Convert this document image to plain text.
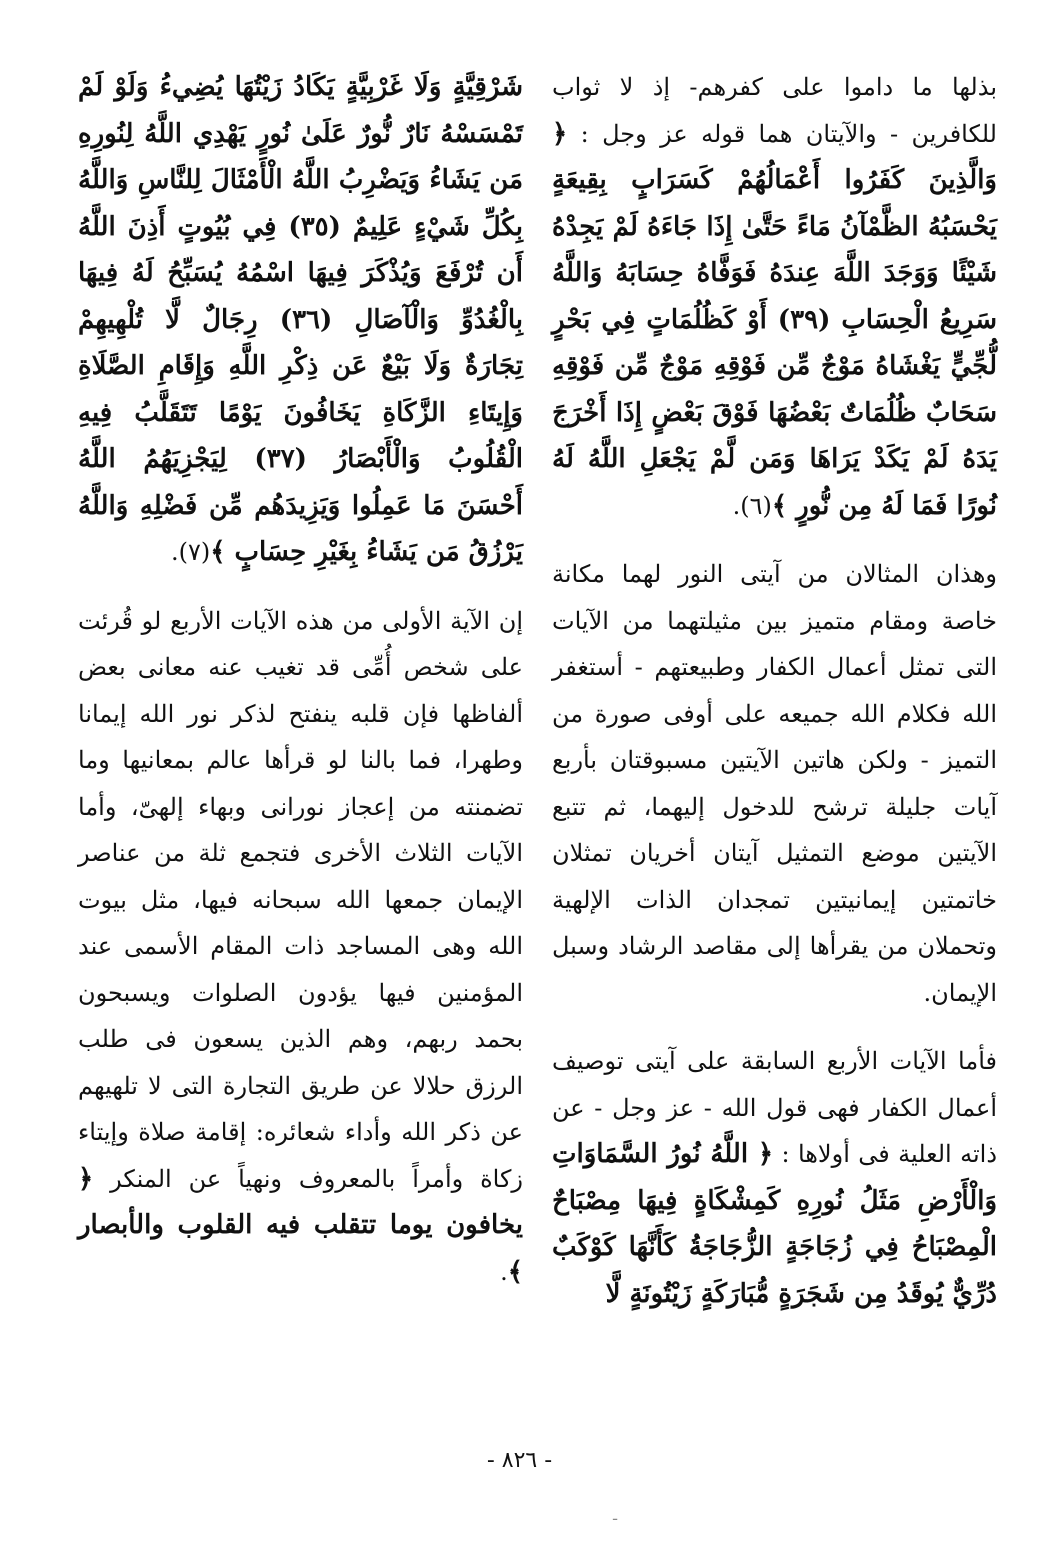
بذلها ما داموا على كفرهم- إذ لا ثواب للكافرين - والآيتان هما قوله عز وجل : ﴿ وَالَّذِينَ كَفَرُوا أَعْمَالُهُمْ كَسَرَابٍ بِقِيعَةٍ يَحْسَبُهُ الظَّمْآنُ مَاءً حَتَّىٰ إِذَا جَاءَهُ لَمْ يَجِدْهُ شَيْئًا وَوَجَدَ اللَّهَ عِندَهُ فَوَفَّاهُ حِسَابَهُ وَاللَّهُ سَرِيعُ الْحِسَابِ (٣٩) أَوْ كَظُلُمَاتٍ فِي بَحْرٍ لُّجِّيٍّ يَغْشَاهُ مَوْجٌ مِّن فَوْقِهِ مَوْجٌ مِّن فَوْقِهِ سَحَابٌ ظُلُمَاتٌ بَعْضُهَا فَوْقَ بَعْضٍ إِذَا أَخْرَجَ يَدَهُ لَمْ يَكَدْ يَرَاهَا وَمَن لَّمْ يَجْعَلِ اللَّهُ لَهُ نُورًا فَمَا لَهُ مِن نُّورٍ ﴾(٦).

وهذان المثالان من آيتى النور لهما مكانة خاصة ومقام متميز بين مثيلتهما من الآيات التى تمثل أعمال الكفار وطبيعتهم - أستغفر الله فكلام الله جميعه على أوفى صورة من التميز - ولكن هاتين الآيتين مسبوقتان بأربع آيات جليلة ترشح للدخول إليهما، ثم تتبع الآيتين موضع التمثيل آيتان أخريان تمثلان خاتمتين إيمانيتين تمجدان الذات الإلهية وتحملان من يقرأها إلى مقاصد الرشاد وسبل الإيمان.

فأما الآيات الأربع السابقة على آيتى توصيف أعمال الكفار فهى قول الله - عز وجل - عن ذاته العلية فى أولاها : ﴿ اللَّهُ نُورُ السَّمَاوَاتِ وَالْأَرْضِ مَثَلُ نُورِهِ كَمِشْكَاةٍ فِيهَا مِصْبَاحٌ الْمِصْبَاحُ فِي زُجَاجَةٍ الزُّجَاجَةُ كَأَنَّهَا كَوْكَبٌ دُرِّيٌّ يُوقَدُ مِن شَجَرَةٍ مُّبَارَكَةٍ زَيْتُونَةٍ لَّا

شَرْقِيَّةٍ وَلَا غَرْبِيَّةٍ يَكَادُ زَيْتُهَا يُضِيءُ وَلَوْ لَمْ تَمْسَسْهُ نَارٌ نُّورٌ عَلَىٰ نُورٍ يَهْدِي اللَّهُ لِنُورِهِ مَن يَشَاءُ وَيَضْرِبُ اللَّهُ الْأَمْثَالَ لِلنَّاسِ وَاللَّهُ بِكُلِّ شَيْءٍ عَلِيمٌ (٣٥) فِي بُيُوتٍ أَذِنَ اللَّهُ أَن تُرْفَعَ وَيُذْكَرَ فِيهَا اسْمُهُ يُسَبِّحُ لَهُ فِيهَا بِالْغُدُوِّ وَالْآصَالِ (٣٦) رِجَالٌ لَّا تُلْهِيهِمْ تِجَارَةٌ وَلَا بَيْعٌ عَن ذِكْرِ اللَّهِ وَإِقَامِ الصَّلَاةِ وَإِيتَاءِ الزَّكَاةِ يَخَافُونَ يَوْمًا تَتَقَلَّبُ فِيهِ الْقُلُوبُ وَالْأَبْصَارُ (٣٧) لِيَجْزِيَهُمُ اللَّهُ أَحْسَنَ مَا عَمِلُوا وَيَزِيدَهُم مِّن فَضْلِهِ وَاللَّهُ يَرْزُقُ مَن يَشَاءُ بِغَيْرِ حِسَابٍ ﴾(٧).

إن الآية الأولى من هذه الآيات الأربع لو قُرئت على شخص أُمِّى قد تغيب عنه معانى بعض ألفاظها فإن قلبه ينفتح لذكر نور الله إيمانا وطهرا، فما بالنا لو قرأها عالم بمعانيها وما تضمنته من إعجاز نورانى وبهاء إلهىّ، وأما الآيات الثلاث الأخرى فتجمع ثلة من عناصر الإيمان جمعها الله سبحانه فيها، مثل بيوت الله وهى المساجد ذات المقام الأسمى عند المؤمنين فيها يؤدون الصلوات ويسبحون بحمد ربهم، وهم الذين يسعون فى طلب الرزق حلالا عن طريق التجارة التى لا تلهيهم عن ذكر الله وأداء شعائره: إقامة صلاة وإيتاء زكاة وأمراً بالمعروف ونهياً عن المنكر ﴿ يخافون يوما تتقلب فيه القلوب والأبصار ﴾.

- ٨٢٦ -
ـ
